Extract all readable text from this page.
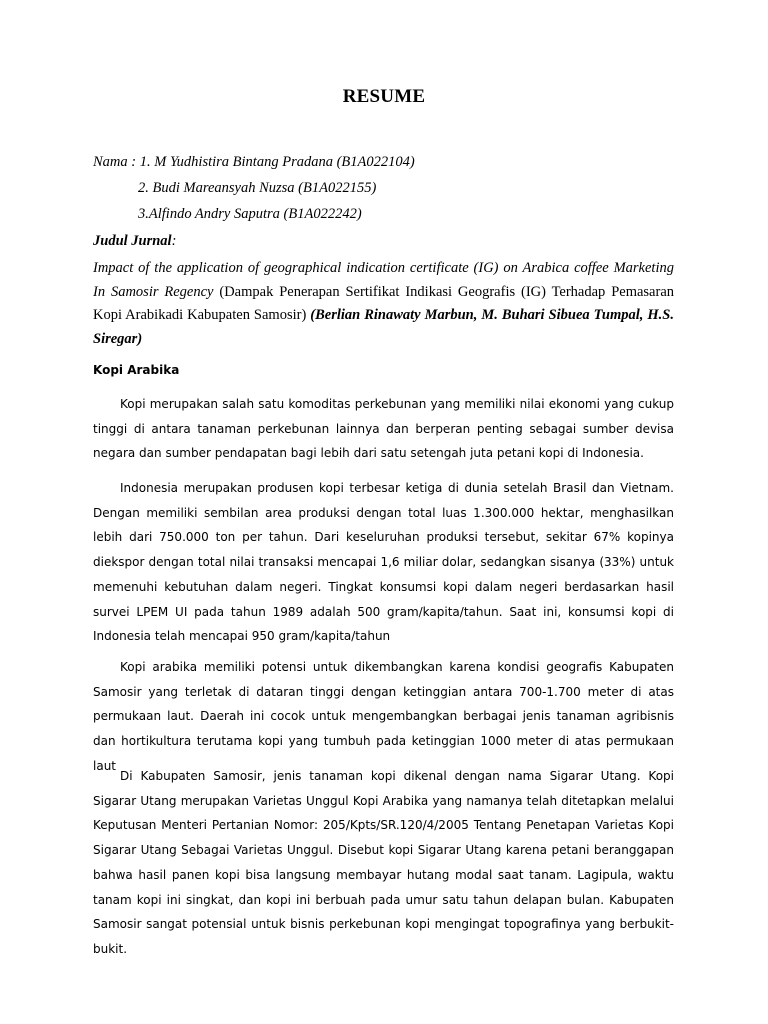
RESUME
Nama : 1. M Yudhistira Bintang Pradana (B1A022104)
2. Budi Mareansyah Nuzsa (B1A022155)
3.Alfindo Andry Saputra (B1A022242)
Judul Jurnal:
Impact of the application of geographical indication certificate (IG) on Arabica coffee Marketing In Samosir Regency (Dampak Penerapan Sertifikat Indikasi Geografis (IG) Terhadap Pemasaran Kopi Arabikadi Kabupaten Samosir) (Berlian Rinawaty Marbun, M. Buhari Sibuea Tumpal, H.S. Siregar)
Kopi Arabika

Kopi merupakan salah satu komoditas perkebunan yang memiliki nilai ekonomi yang cukup tinggi di antara tanaman perkebunan lainnya dan berperan penting sebagai sumber devisa negara dan sumber pendapatan bagi lebih dari satu setengah juta petani kopi di Indonesia.

Indonesia merupakan produsen kopi terbesar ketiga di dunia setelah Brasil dan Vietnam. Dengan memiliki sembilan area produksi dengan total luas 1.300.000 hektar, menghasilkan lebih dari 750.000 ton per tahun. Dari keseluruhan produksi tersebut, sekitar 67% kopinya diekspor dengan total nilai transaksi mencapai 1,6 miliar dolar, sedangkan sisanya (33%) untuk memenuhi kebutuhan dalam negeri. Tingkat konsumsi kopi dalam negeri berdasarkan hasil survei LPEM UI pada tahun 1989 adalah 500 gram/kapita/tahun. Saat ini, konsumsi kopi di Indonesia telah mencapai 950 gram/kapita/tahun

Kopi arabika memiliki potensi untuk dikembangkan karena kondisi geografis Kabupaten Samosir yang terletak di dataran tinggi dengan ketinggian antara 700-1.700 meter di atas permukaan laut. Daerah ini cocok untuk mengembangkan berbagai jenis tanaman agribisnis dan hortikultura terutama kopi yang tumbuh pada ketinggian 1000 meter di atas permukaan laut

Di Kabupaten Samosir, jenis tanaman kopi dikenal dengan nama Sigarar Utang. Kopi Sigarar Utang merupakan Varietas Unggul Kopi Arabika yang namanya telah ditetapkan melalui Keputusan Menteri Pertanian Nomor: 205/Kpts/SR.120/4/2005 Tentang Penetapan Varietas Kopi Sigarar Utang Sebagai Varietas Unggul. Disebut kopi Sigarar Utang karena petani beranggapan bahwa hasil panen kopi bisa langsung membayar hutang modal saat tanam. Lagipula, waktu tanam kopi ini singkat, dan kopi ini berbuah pada umur satu tahun delapan bulan. Kabupaten Samosir sangat potensial untuk bisnis perkebunan kopi mengingat topografinya yang berbukit-bukit.
